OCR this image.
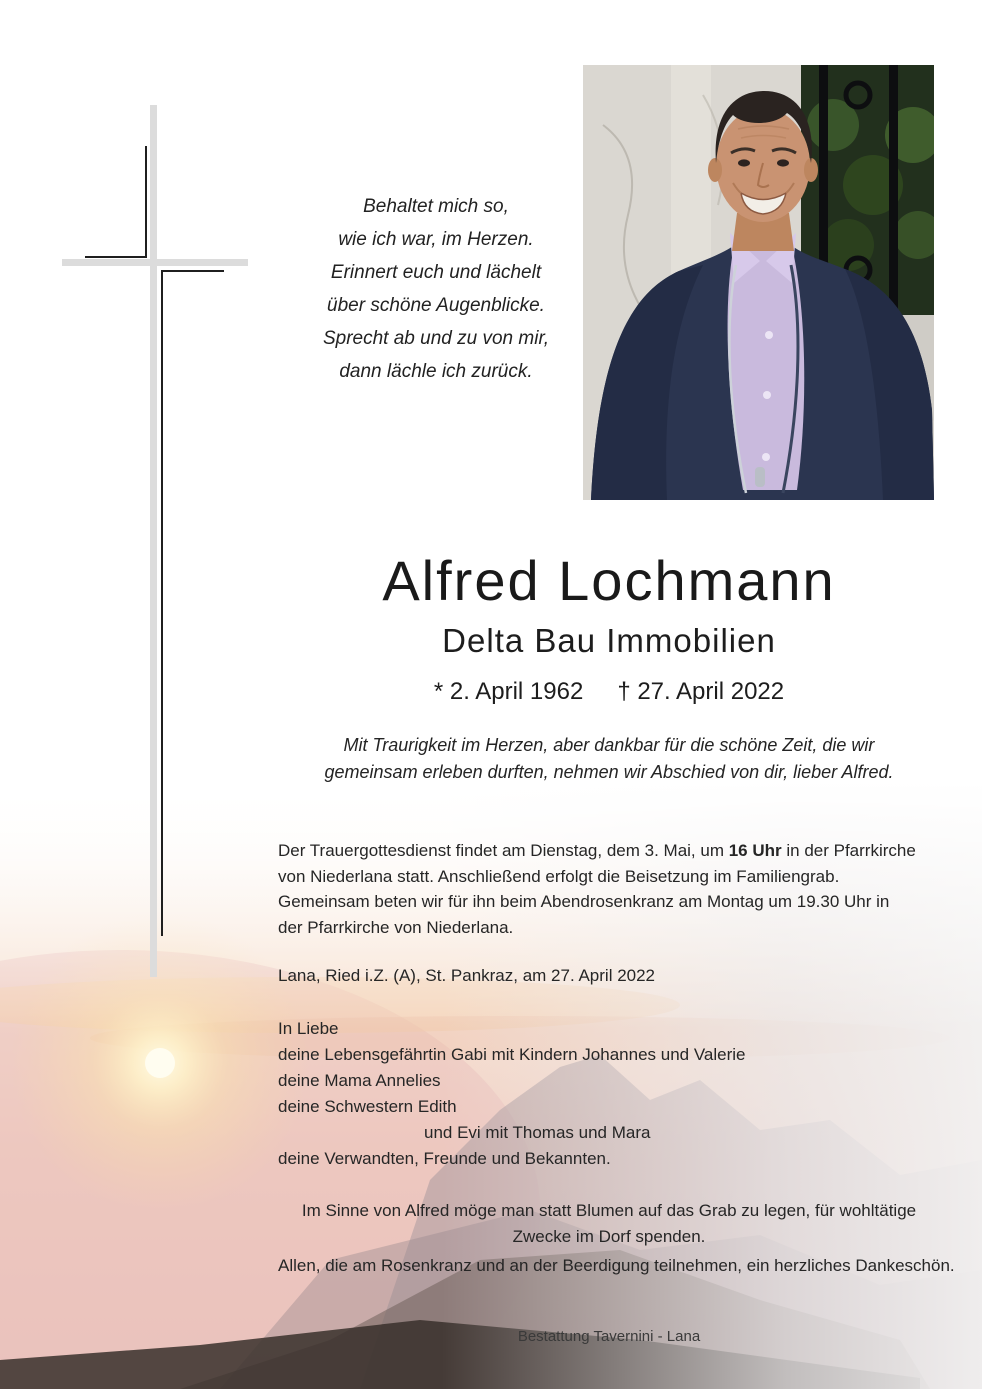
Behaltet mich so,
wie ich war, im Herzen.
Erinnert euch und lächelt
über schöne Augenblicke.
Sprecht ab und zu von mir,
dann lächle ich zurück.
Alfred Lochmann
Delta Bau Immobilien
* 2. April 1962 † 27. April 2022
Mit Traurigkeit im Herzen, aber dankbar für die schöne Zeit, die wir
gemeinsam erleben durften, nehmen wir Abschied von dir, lieber Alfred.
Der Trauergottesdienst findet am Dienstag, dem 3. Mai, um 16 Uhr in der Pfarrkirche
von Niederlana statt. Anschließend erfolgt die Beisetzung im Familiengrab.
Gemeinsam beten wir für ihn beim Abendrosenkranz am Montag um 19.30 Uhr in
der Pfarrkirche von Niederlana.
Lana, Ried i.Z. (A), St. Pankraz, am 27. April 2022
In Liebe
deine Lebensgefährtin Gabi mit Kindern Johannes und Valerie
deine Mama Annelies
deine Schwestern Edith
und Evi mit Thomas und Mara
deine Verwandten, Freunde und Bekannten.
Im Sinne von Alfred möge man statt Blumen auf das Grab zu legen, für wohltätige
Zwecke im Dorf spenden.
Allen, die am Rosenkranz und an der Beerdigung teilnehmen, ein herzliches Dankeschön.
Bestattung Tavernini - Lana
